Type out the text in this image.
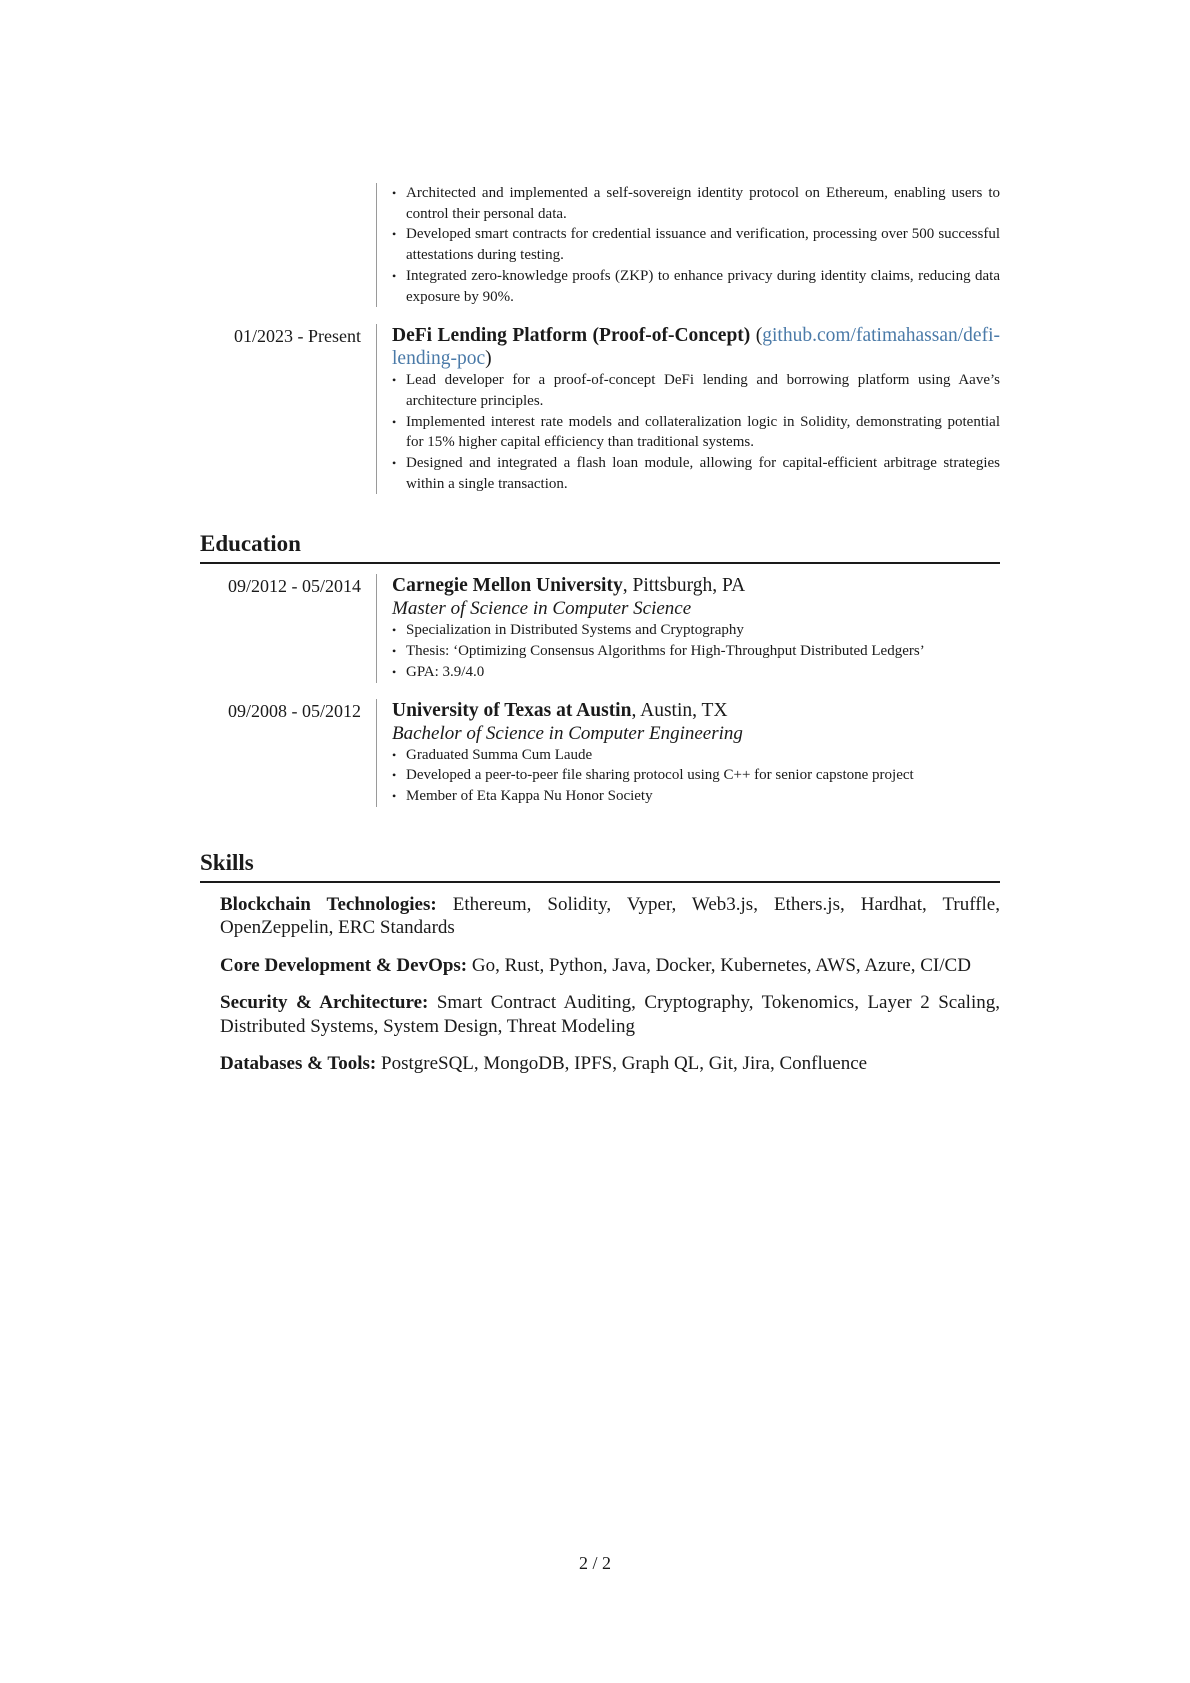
• Architected and implemented a self-sovereign identity protocol on Ethereum, enabling users to control their personal data.
• Developed smart contracts for credential issuance and verification, processing over 500 successful attestations during testing.
• Integrated zero-knowledge proofs (ZKP) to enhance privacy during identity claims, reducing data exposure by 90%.
01/2023 - Present	DeFi Lending Platform (Proof-of-Concept) (github.com/fatimahassan/defi-lending-poc)
• Lead developer for a proof-of-concept DeFi lending and borrowing platform using Aave’s architecture principles.
• Implemented interest rate models and collateralization logic in Solidity, demonstrating potential for 15% higher capital efficiency than traditional systems.
• Designed and integrated a flash loan module, allowing for capital-efficient arbitrage strategies within a single transaction.
Education
09/2012 - 05/2014	Carnegie Mellon University, Pittsburgh, PA
Master of Science in Computer Science
• Specialization in Distributed Systems and Cryptography
• Thesis: ‘Optimizing Consensus Algorithms for High-Throughput Distributed Ledgers’
• GPA: 3.9/4.0
09/2008 - 05/2012	University of Texas at Austin, Austin, TX
Bachelor of Science in Computer Engineering
• Graduated Summa Cum Laude
• Developed a peer-to-peer file sharing protocol using C++ for senior capstone project
• Member of Eta Kappa Nu Honor Society
Skills
Blockchain Technologies: Ethereum, Solidity, Vyper, Web3.js, Ethers.js, Hardhat, Truffle, OpenZeppelin, ERC Standards
Core Development & DevOps: Go, Rust, Python, Java, Docker, Kubernetes, AWS, Azure, CI/CD
Security & Architecture: Smart Contract Auditing, Cryptography, Tokenomics, Layer 2 Scaling, Distributed Systems, System Design, Threat Modeling
Databases & Tools: PostgreSQL, MongoDB, IPFS, Graph QL, Git, Jira, Confluence
2 / 2
